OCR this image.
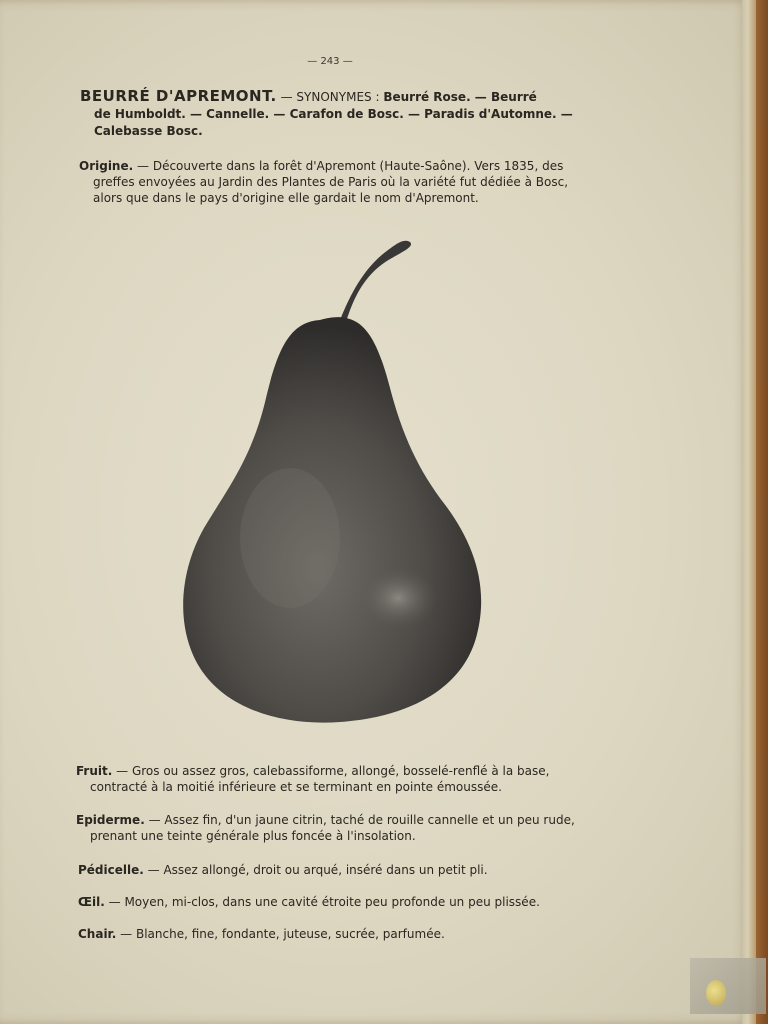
— 243 —
BEURRÉ D'APREMONT. — SYNONYMES : Beurré Rose. — Beurré
de Humboldt. — Cannelle. — Carafon de Bosc. — Paradis d'Automne. —
Calebasse Bosc.
Origine. — Découverte dans la forêt d'Apremont (Haute-Saône). Vers 1835, des
greffes envoyées au Jardin des Plantes de Paris où la variété fut dédiée à Bosc,
alors que dans le pays d'origine elle gardait le nom d'Apremont.
Fruit. — Gros ou assez gros, calebassiforme, allongé, bosselé-renflé à la base,
contracté à la moitié inférieure et se terminant en pointe émoussée.
Epiderme. — Assez fin, d'un jaune citrin, taché de rouille cannelle et un peu rude,
prenant une teinte générale plus foncée à l'insolation.
Pédicelle. — Assez allongé, droit ou arqué, inséré dans un petit pli.
Œil. — Moyen, mi-clos, dans une cavité étroite peu profonde un peu plissée.
Chair. — Blanche, fine, fondante, juteuse, sucrée, parfumée.
